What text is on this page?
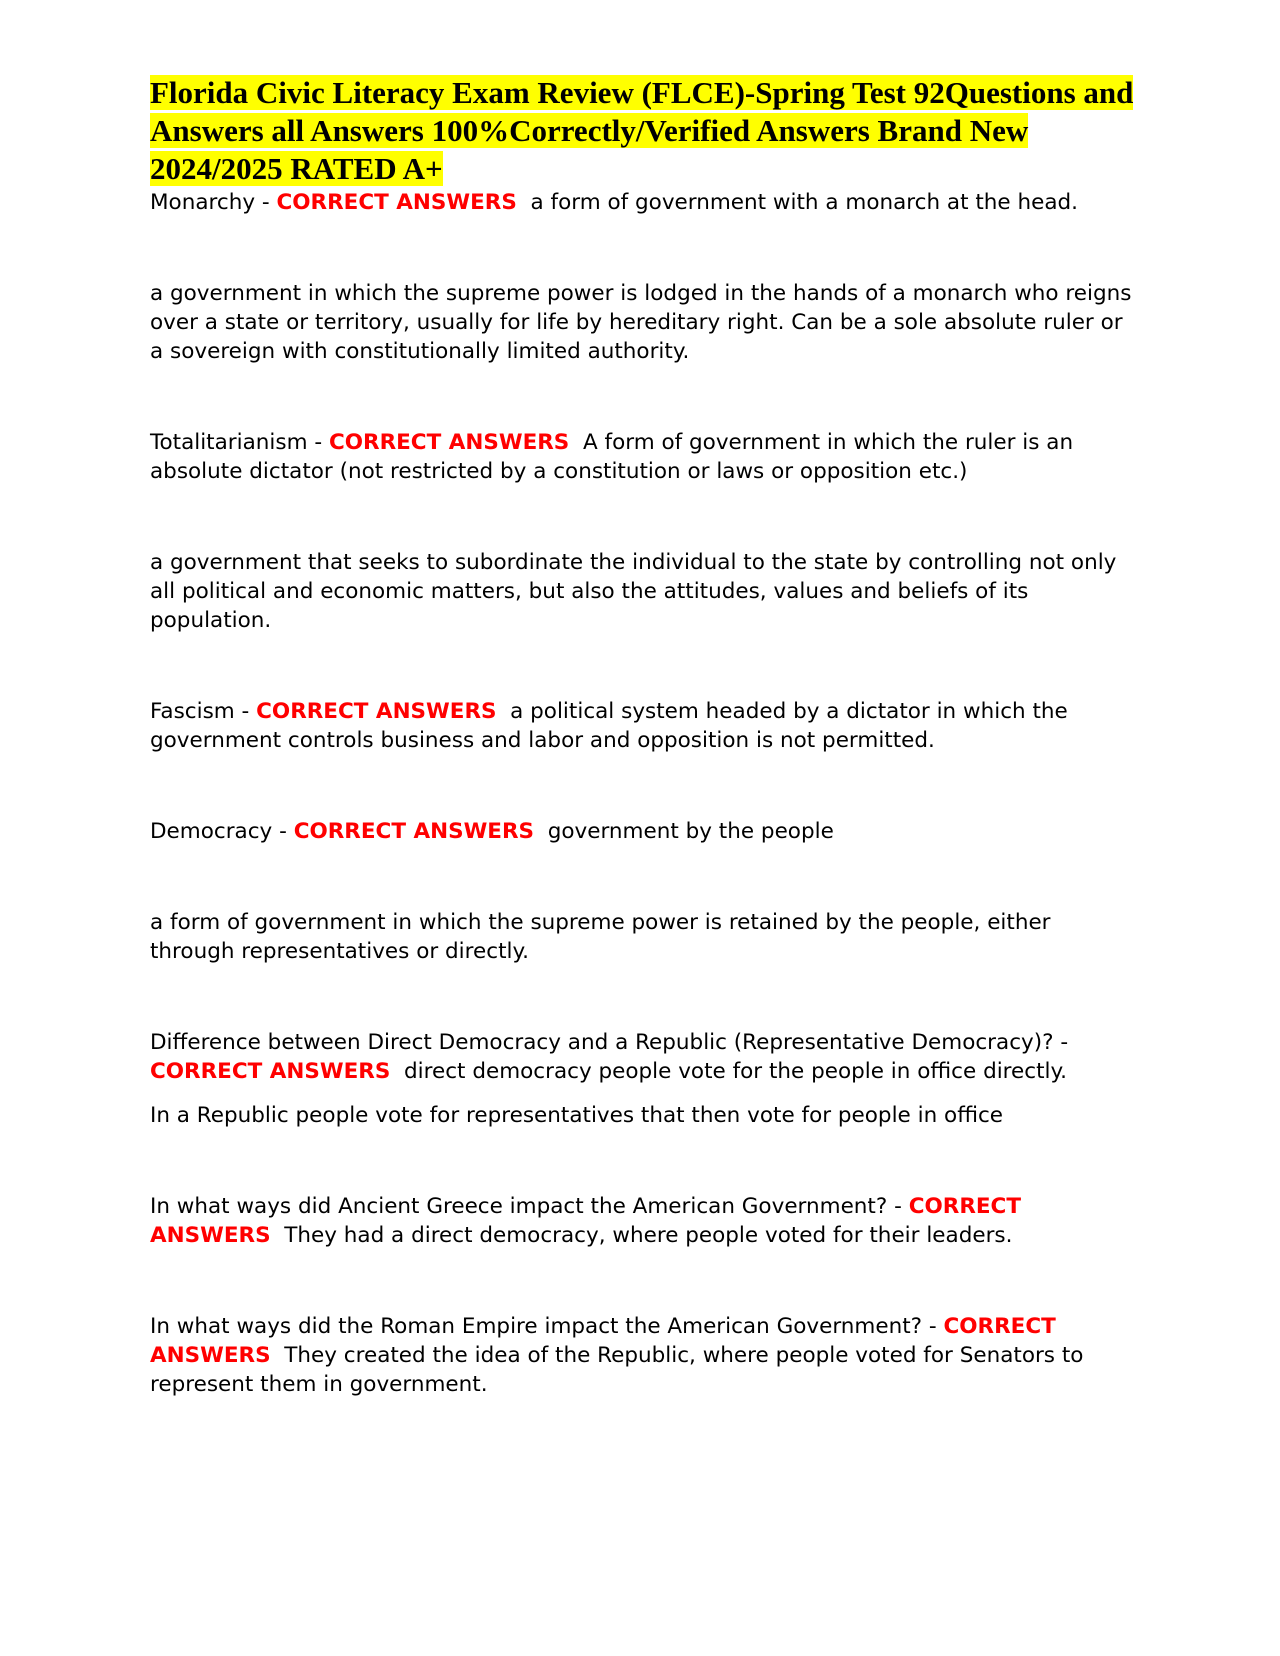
Florida Civic Literacy Exam Review (FLCE)-Spring Test 92Questions and Answers all Answers 100%Correctly/Verified Answers Brand New 2024/2025 RATED A+

Monarchy - CORRECT ANSWERS  a form of government with a monarch at the head.

a government in which the supreme power is lodged in the hands of a monarch who reigns over a state or territory, usually for life by hereditary right. Can be a sole absolute ruler or a sovereign with constitutionally limited authority.

Totalitarianism - CORRECT ANSWERS  A form of government in which the ruler is an absolute dictator (not restricted by a constitution or laws or opposition etc.)

a government that seeks to subordinate the individual to the state by controlling not only all political and economic matters, but also the attitudes, values and beliefs of its population.

Fascism - CORRECT ANSWERS  a political system headed by a dictator in which the government controls business and labor and opposition is not permitted.

Democracy - CORRECT ANSWERS  government by the people

a form of government in which the supreme power is retained by the people, either through representatives or directly.

Difference between Direct Democracy and a Republic (Representative Democracy)? - CORRECT ANSWERS  direct democracy people vote for the people in office directly.

In a Republic people vote for representatives that then vote for people in office

In what ways did Ancient Greece impact the American Government? - CORRECT ANSWERS  They had a direct democracy, where people voted for their leaders.

In what ways did the Roman Empire impact the American Government? - CORRECT ANSWERS  They created the idea of the Republic, where people voted for Senators to represent them in government.
